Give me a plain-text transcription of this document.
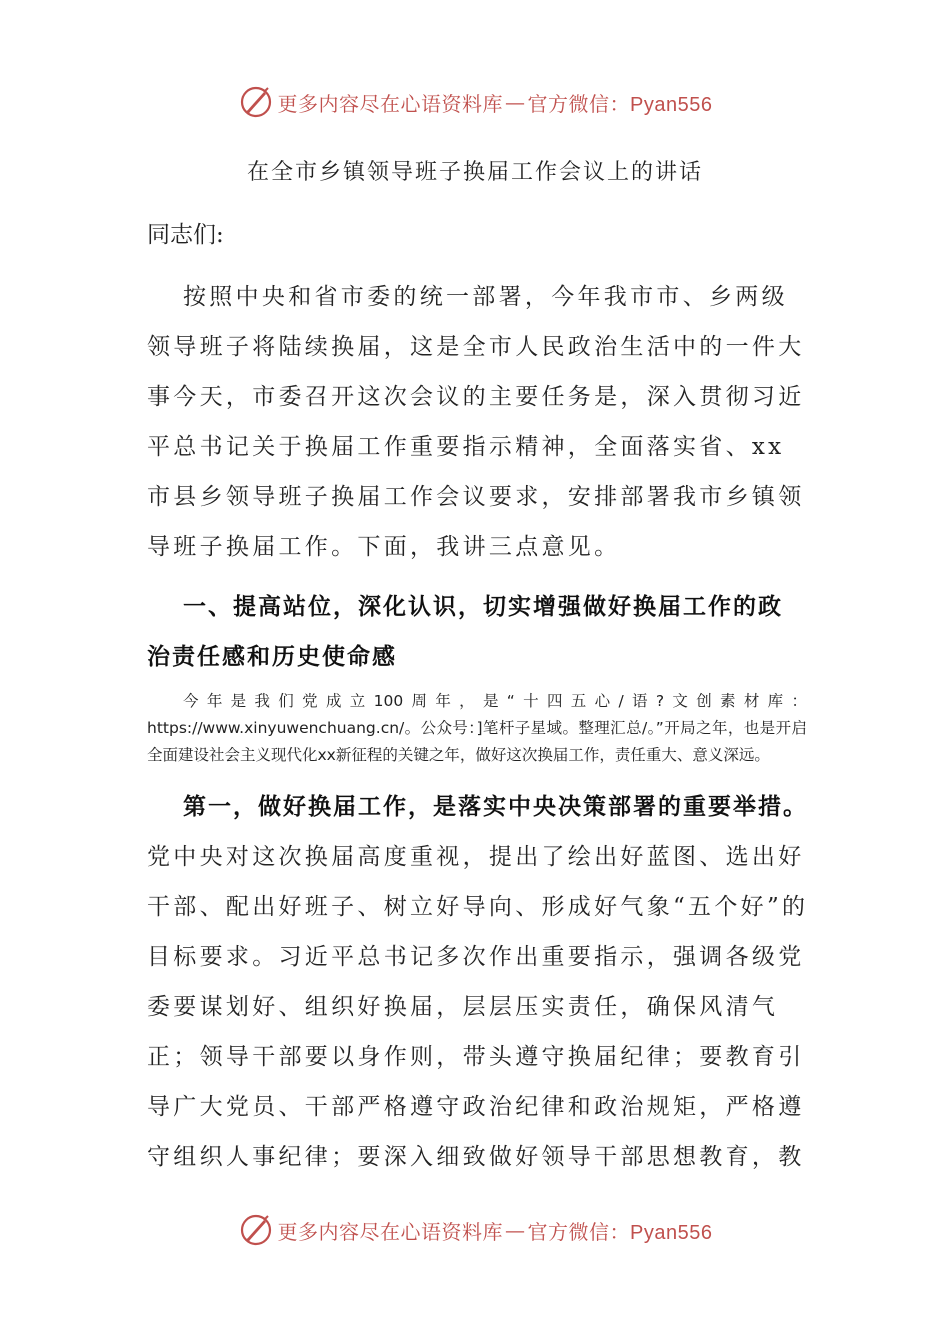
更多内容尽在心语资料库 — 官方微信：Pyan556
在全市乡镇领导班子换届工作会议上的讲话
同志们:

按照中央和省市委的统一部署，今年我市市、乡两级领导班子将陆续换届，这是全市人民政治生活中的一件大事今天，市委召开这次会议的主要任务是，深入贯彻习近平总书记关于换届工作重要指示精神，全面落实省、xx市县乡领导班子换届工作会议要求，安排部署我市乡镇领导班子换届工作。下面，我讲三点意见。

一、提高站位，深化认识，切实增强做好换届工作的政治责任感和历史使命感

今年是我们党成立100周年，是“十四五心/语?文创素材库：https://www.xinyuwenchuang.cn/。公众号：]笔杆子星域。整理汇总/。”开局之年，也是开启全面建设社会主义现代化xx新征程的关键之年，做好这次换届工作，责任重大、意义深远。

第一，做好换届工作，是落实中央决策部署的重要举措。党中央对这次换届高度重视，提出了绘出好蓝图、选出好干部、配出好班子、树立好导向、形成好气象“五个好”的目标要求。习近平总书记多次作出重要指示，强调各级党委要谋划好、组织好换届，层层压实责任，确保风清气正；领导干部要以身作则，带头遵守换届纪律；要教育引导广大党员、干部严格遵守政治纪律和政治规矩，严格遵守组织人事纪律；要深入细致做好领导干部思想教育，教

更多内容尽在心语资料库 — 官方微信：Pyan556
